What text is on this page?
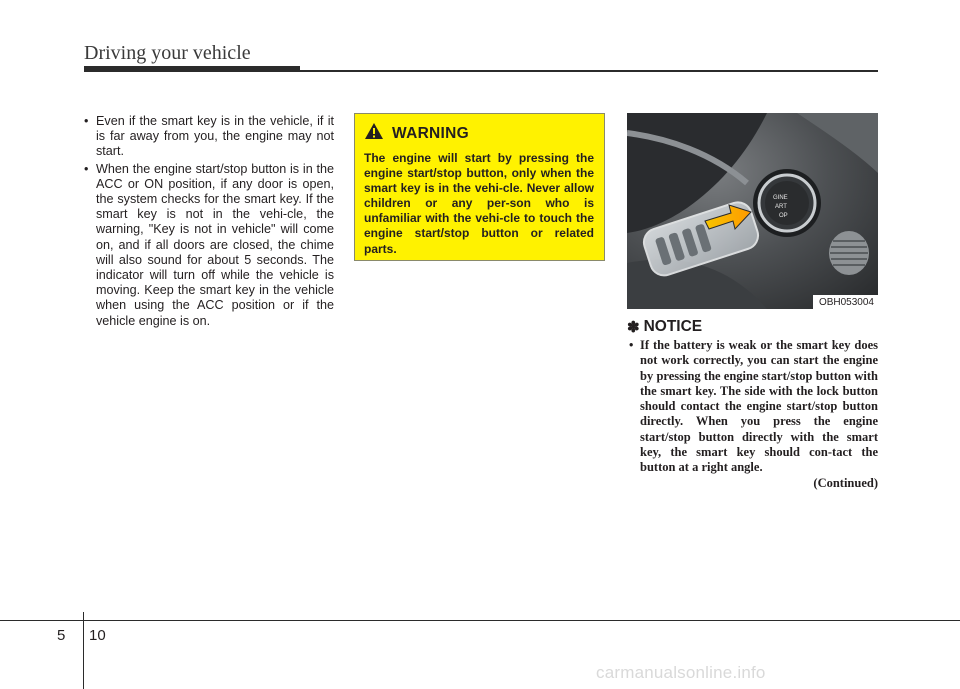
Driving your vehicle
• Even if the smart key is in the vehicle, if it is far away from you, the engine may not start.
• When the engine start/stop button is in the ACC or ON position, if any door is open, the system checks for the smart key. If the smart key is not in the vehi-cle, the warning, "Key is not in vehicle" will come on, and if all doors are closed, the chime will also sound for about 5 seconds. The indicator will turn off while the vehicle is moving. Keep the smart key in the vehicle when using the ACC position or if the vehicle engine is on.
WARNING
The engine will start by pressing the engine start/stop button, only when the smart key is in the vehi-cle. Never allow children or any per-son who is unfamiliar with the vehi-cle to touch the engine start/stop button or related parts.
GINE
ART
OP
OBH053004
✽ NOTICE
• If the battery is weak or the smart key does not work correctly, you can start the engine by pressing the engine start/stop button with the smart key. The side with the lock button should contact the engine start/stop button directly. When you press the engine start/stop button directly with the smart key, the smart key should con-tact the button at a right angle.
(Continued)
5 10
carmanualsonline.info
